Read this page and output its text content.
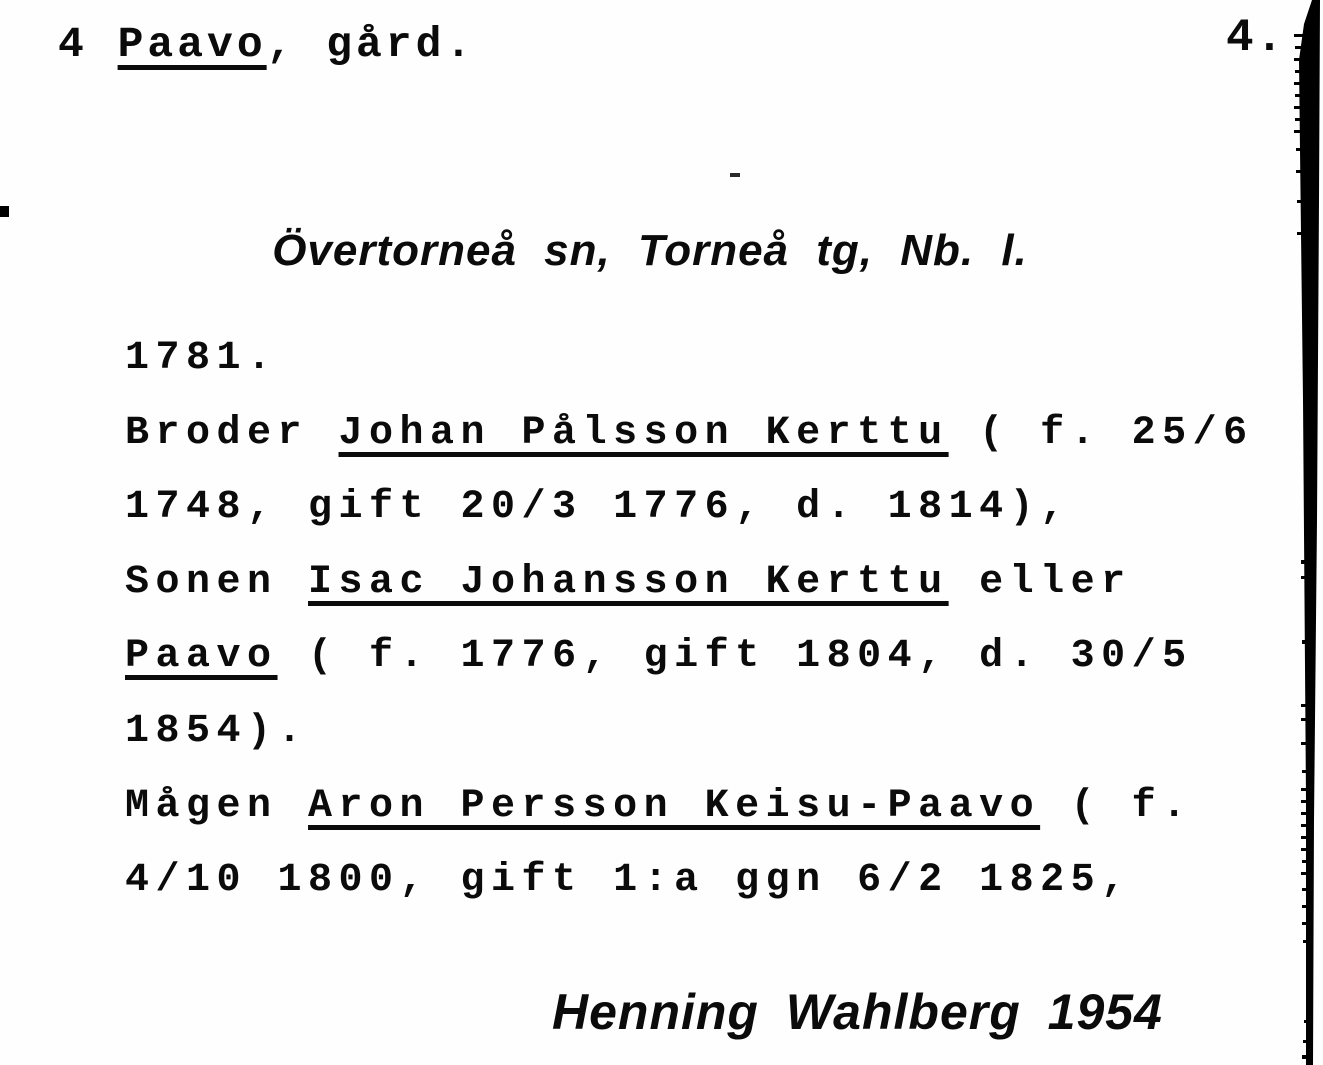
4 Paavo, gård.	4.
Övertorneå sn, Torneå tg, Nb. l.
1781.
Broder Johan Pålsson Kerttu ( f. 25/6
1748, gift 20/3 1776, d. 1814),
Sonen Isac Johansson Kerttu eller
Paavo ( f. 1776, gift 1804, d. 30/5
1854).
Mågen Aron Persson Keisu-Paavo ( f.
4/10 1800, gift 1:a ggn 6/2 1825,
Henning Wahlberg 1954
